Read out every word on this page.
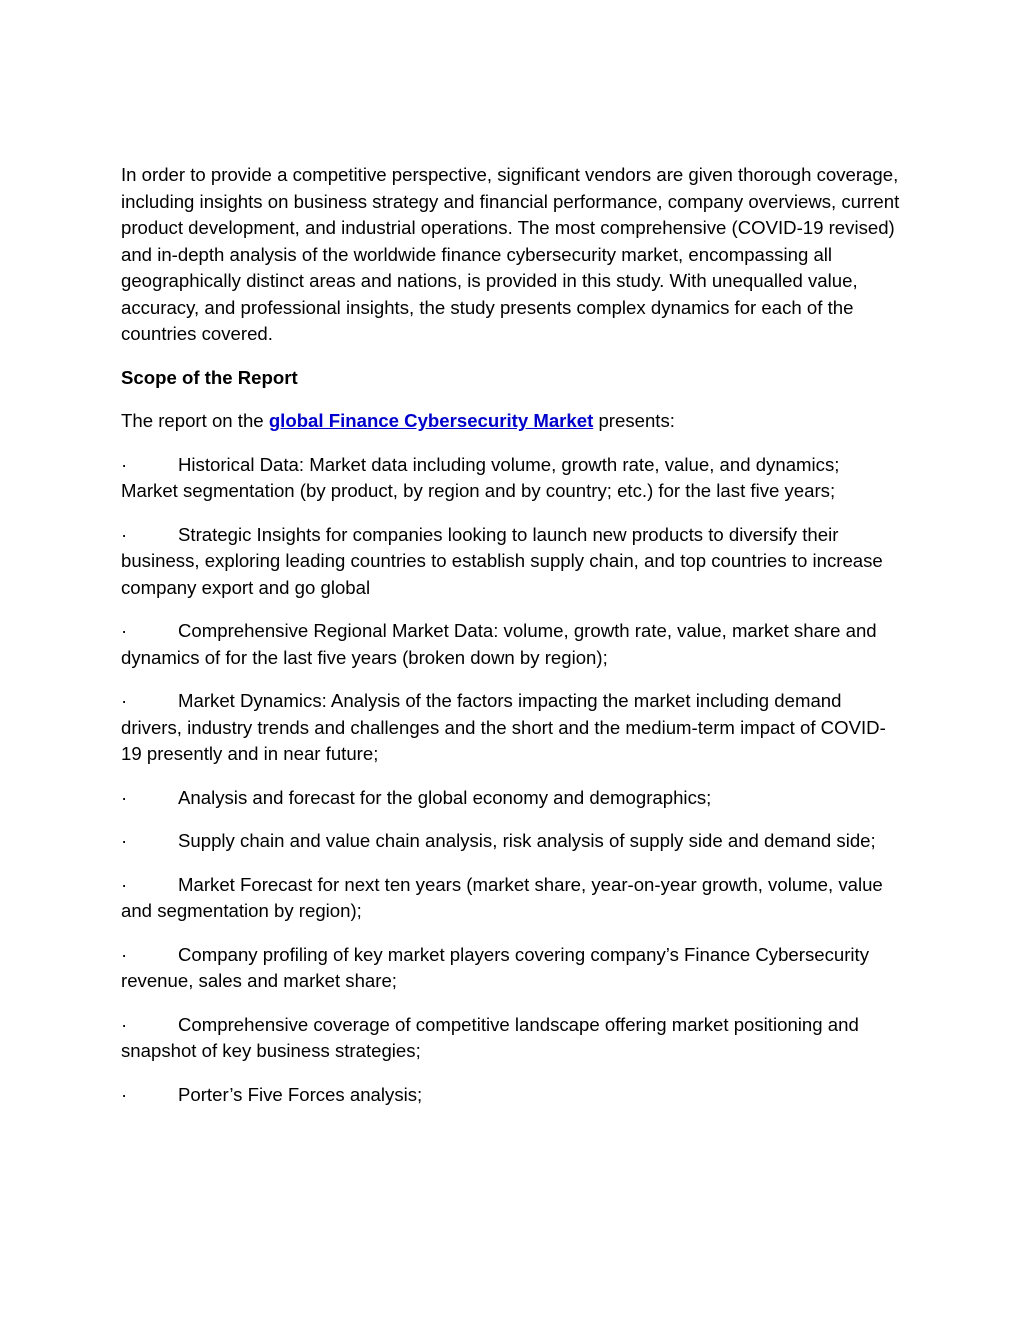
In order to provide a competitive perspective, significant vendors are given thorough coverage, including insights on business strategy and financial performance, company overviews, current product development, and industrial operations. The most comprehensive (COVID-19 revised) and in-depth analysis of the worldwide finance cybersecurity market, encompassing all geographically distinct areas and nations, is provided in this study. With unequalled value, accuracy, and professional insights, the study presents complex dynamics for each of the countries covered.

Scope of the Report

The report on the global Finance Cybersecurity Market presents:

·	Historical Data: Market data including volume, growth rate, value, and dynamics; Market segmentation (by product, by region and by country; etc.) for the last five years;

·	Strategic Insights for companies looking to launch new products to diversify their business, exploring leading countries to establish supply chain, and top countries to increase company export and go global

·	Comprehensive Regional Market Data: volume, growth rate, value, market share and dynamics of for the last five years (broken down by region);

·	Market Dynamics: Analysis of the factors impacting the market including demand drivers, industry trends and challenges and the short and the medium-term impact of COVID-19 presently and in near future;

·	Analysis and forecast for the global economy and demographics;

·	Supply chain and value chain analysis, risk analysis of supply side and demand side;

·	Market Forecast for next ten years (market share, year-on-year growth, volume, value and segmentation by region);

·	Company profiling of key market players covering company’s Finance Cybersecurity revenue, sales and market share;

·	Comprehensive coverage of competitive landscape offering market positioning and snapshot of key business strategies;

·	Porter’s Five Forces analysis;
